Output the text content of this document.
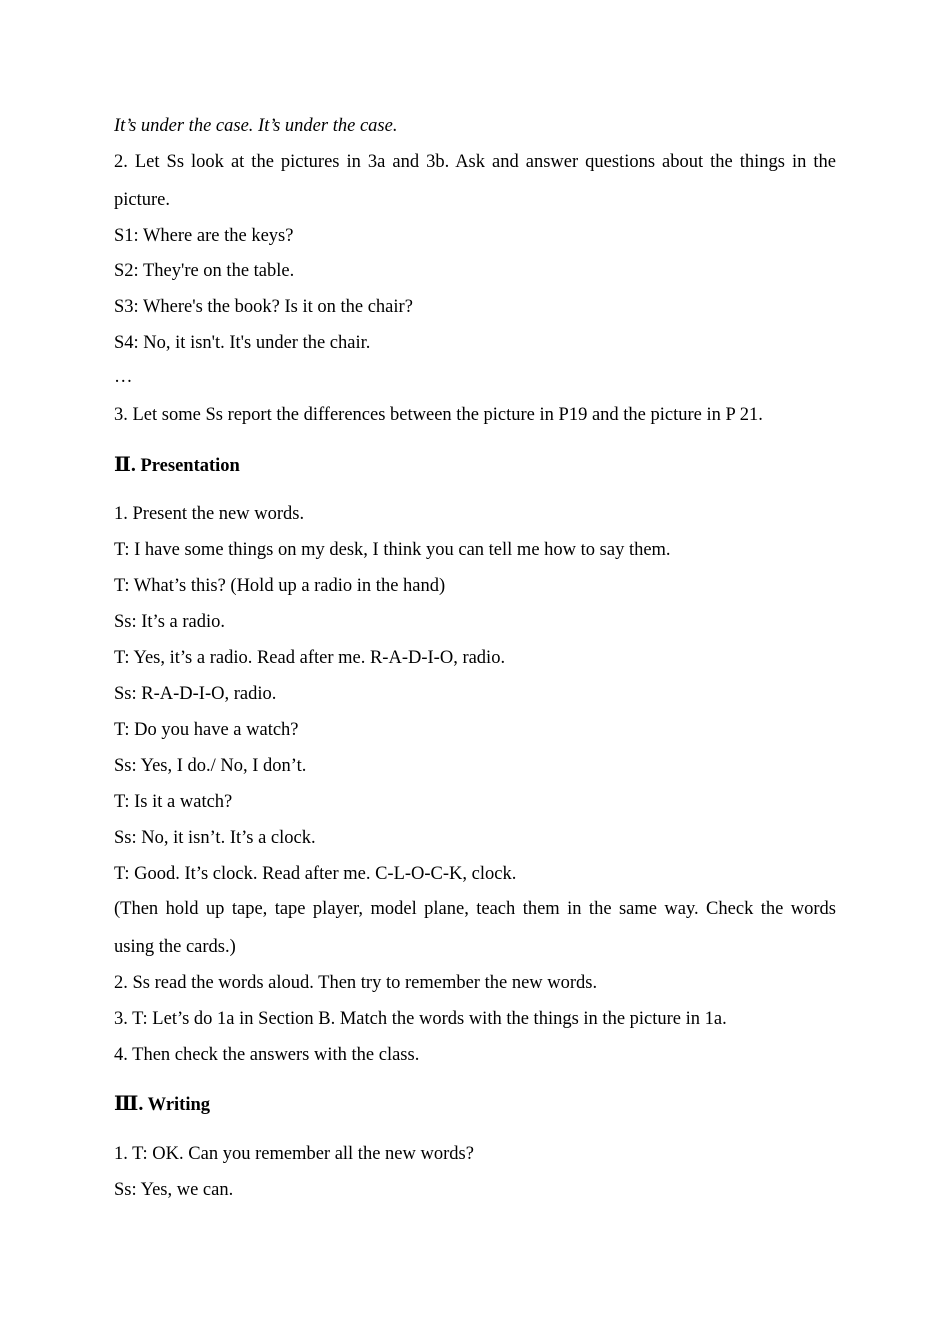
It’s under the case. It’s under the case.
2. Let Ss look at the pictures in 3a and 3b. Ask and answer questions about the things in the
picture.
S1: Where are the keys?
S2: They're on the table.
S3: Where's the book? Is it on the chair?
S4: No, it isn't. It's under the chair.
…
3. Let some Ss report the differences between the picture in P19 and the picture in P 21.
Ⅱ. Presentation
1. Present the new words.
T: I have some things on my desk, I think you can tell me how to say them.
T: What’s this? (Hold up a radio in the hand)
Ss: It’s a radio.
T: Yes, it’s a radio. Read after me. R-A-D-I-O, radio.
Ss: R-A-D-I-O, radio.
T: Do you have a watch?
Ss: Yes, I do./ No, I don’t.
T: Is it a watch?
Ss: No, it isn’t. It’s a clock.
T: Good. It’s clock. Read after me. C-L-O-C-K, clock.
(Then hold up tape, tape player, model plane, teach them in the same way. Check the words
using the cards.)
2. Ss read the words aloud. Then try to remember the new words.
3. T: Let’s do 1a in Section B. Match the words with the things in the picture in 1a.
4. Then check the answers with the class.
Ⅲ. Writing
1. T: OK. Can you remember all the new words?
Ss: Yes, we can.
